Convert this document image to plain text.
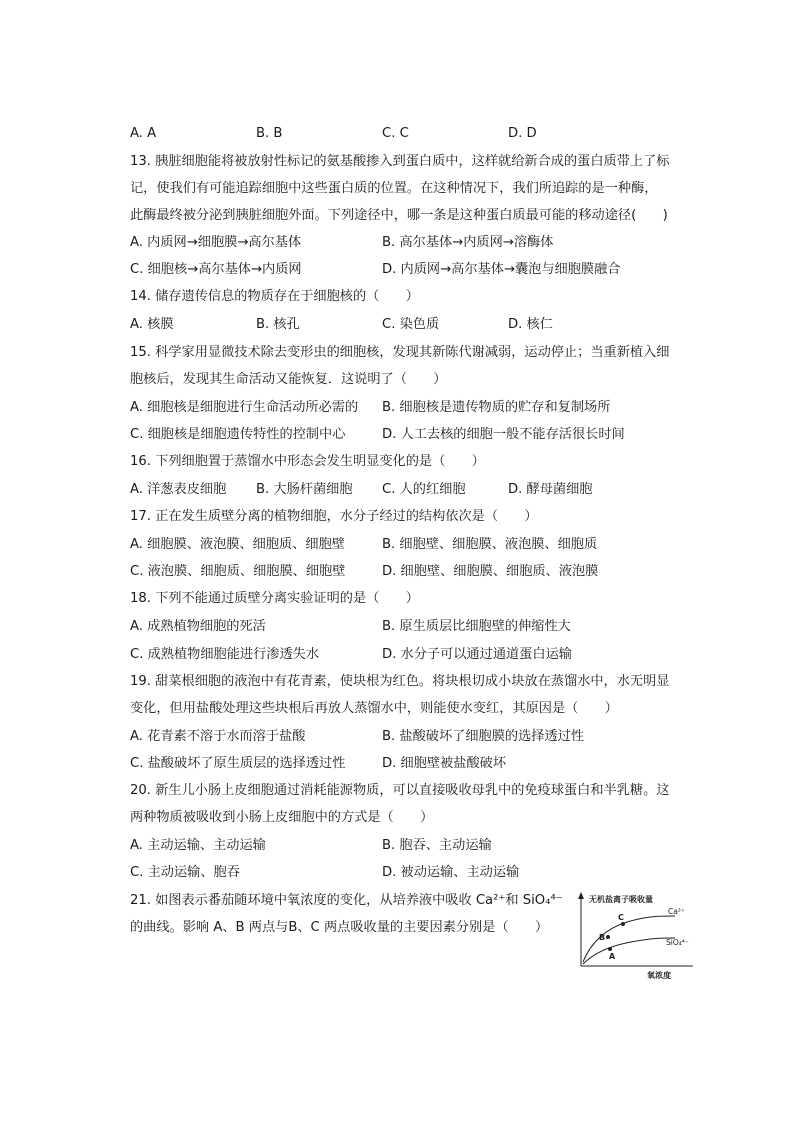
A. A	B. B	C. C	D. D
13. 胰脏细胞能将被放射性标记的氨基酸掺入到蛋白质中，这样就给新合成的蛋白质带上了标
记，使我们有可能追踪细胞中这些蛋白质的位置。在这种情况下，我们所追踪的是一种酶，
此酶最终被分泌到胰脏细胞外面。下列途径中，哪一条是这种蛋白质最可能的移动途径(　　)
A. 内质网→细胞膜→高尔基体	B. 高尔基体→内质网→溶酶体
C. 细胞核→高尔基体→内质网	D. 内质网→高尔基体→囊泡与细胞膜融合
14. 储存遗传信息的物质存在于细胞核的（　　）
A. 核膜	B. 核孔	C. 染色质	D. 核仁
15. 科学家用显微技术除去变形虫的细胞核，发现其新陈代谢减弱，运动停止；当重新植入细
胞核后，发现其生命活动又能恢复．这说明了（　　）
A. 细胞核是细胞进行生命活动所必需的 B. 细胞核是遗传物质的贮存和复制场所
C. 细胞核是细胞遗传特性的控制中心	D. 人工去核的细胞一般不能存活很长时间
16. 下列细胞置于蒸馏水中形态会发生明显变化的是（　　）
A. 洋葱表皮细胞 B. 大肠杆菌细胞 C. 人的红细胞	D. 酵母菌细胞
17. 正在发生质壁分离的植物细胞，水分子经过的结构依次是（　　）
A. 细胞膜、液泡膜、细胞质、细胞壁	B. 细胞壁、细胞膜、液泡膜、细胞质
C. 液泡膜、细胞质、细胞膜、细胞壁	D. 细胞壁、细胞膜、细胞质、液泡膜
18. 下列不能通过质壁分离实验证明的是（　　）
A. 成熟植物细胞的死活	B. 原生质层比细胞壁的伸缩性大
C. 成熟植物细胞能进行渗透失水	D. 水分子可以通过通道蛋白运输
19. 甜菜根细胞的液泡中有花青素，使块根为红色。将块根切成小块放在蒸馏水中，水无明显
变化，但用盐酸处理这些块根后再放人蒸馏水中，则能使水变红，其原因是（　　）
A. 花青素不溶于水而溶于盐酸	B. 盐酸破坏了细胞膜的选择透过性
C. 盐酸破坏了原生质层的选择透过性	D. 细胞壁被盐酸破坏
20. 新生儿小肠上皮细胞通过消耗能源物质，可以直接吸收母乳中的免疫球蛋白和半乳糖。这
两种物质被吸收到小肠上皮细胞中的方式是（　　）
A. 主动运输、主动运输	B. 胞吞、主动运输
C. 主动运输、胞吞	D. 被动运输、主动运输
21. 如图表示番茄随环境中氧浓度的变化，从培养液中吸收 Ca²⁺和 SiO₄⁴⁻
的曲线。影响 A、B 两点与B、C 两点吸收量的主要因素分别是（　　）
无机盐离子吸收量
Ca²⁺
SiO₄⁴⁻
A
B
C
氧浓度
